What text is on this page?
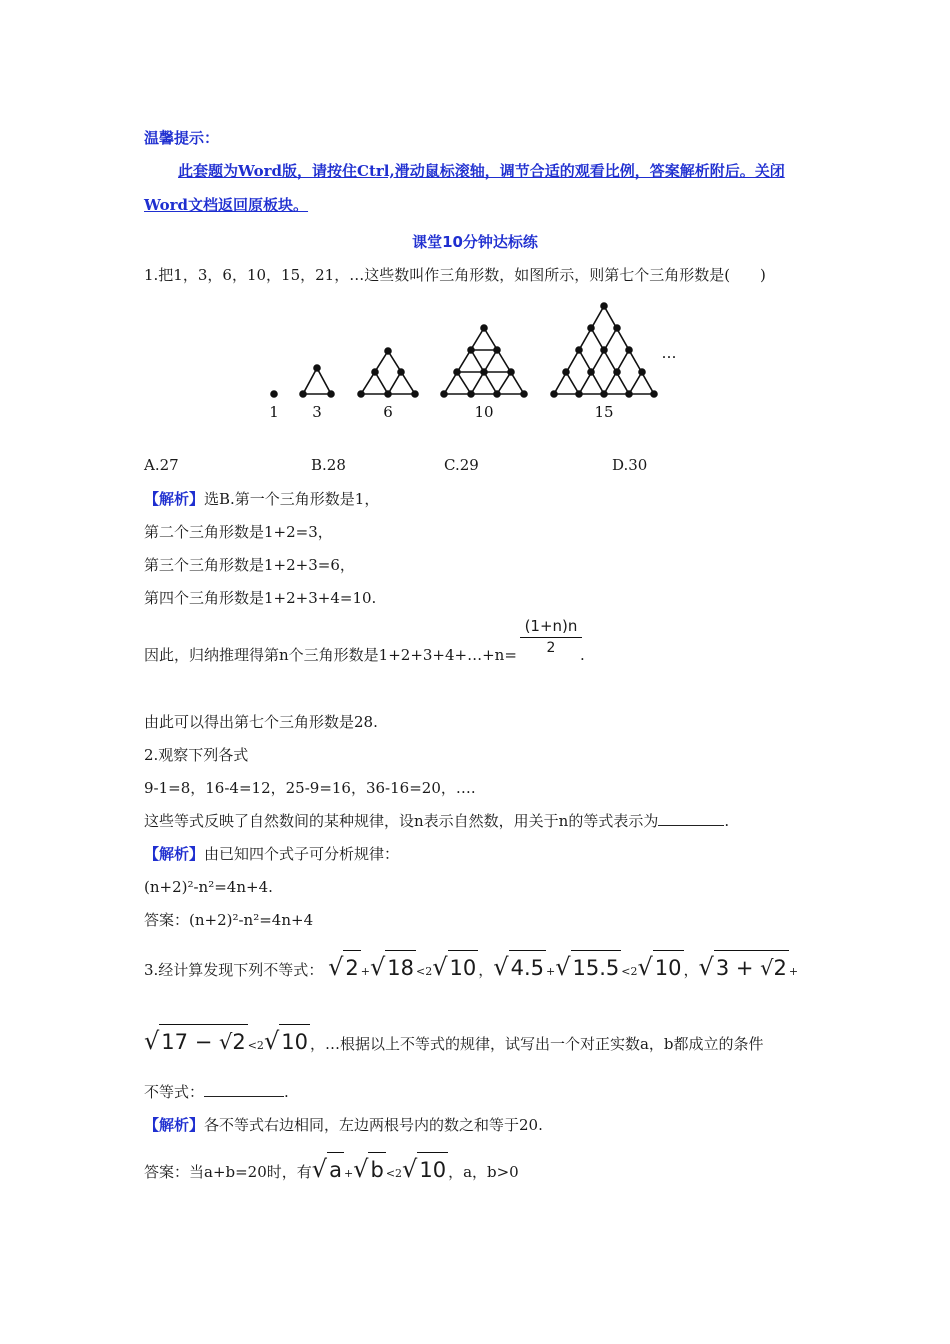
温馨提示：
此套题为Word版，请按住Ctrl,滑动鼠标滚轴，调节合适的观看比例，答案解析附后。关闭Word文档返回原板块。
课堂10分钟达标练
1.把1，3，6，10，15，21，…这些数叫作三角形数，如图所示，则第七个三角形数是(　　)
1 3	6	10	15
…
A.27	B.28	C.29	D.30
【解析】选B.第一个三角形数是1，
第二个三角形数是1+2=3，
第三个三角形数是1+2+3=6，
第四个三角形数是1+2+3+4=10.
因此，归纳推理得第n个三角形数是1+2+3+4+…+n= $\frac{(1+n)n}{2}$
.
由此可以得出第七个三角形数是28.
2.观察下列各式
9-1=8，16-4=12，25-9=16，36-16=20，….
这些等式反映了自然数间的某种规律，设n表示自然数，用关于n的等式表示为	.
【解析】由已知四个式子可分析规律：
(n+2)²-n²=4n+4.
答案：(n+2)²-n²=4n+4
3.经计算发现下列不等式： √2 +√18 <2√10 ，√4.5 +√15.5 <2√10 ，√3 + √2 +
√17 − √2 <2√10 ，…根据以上不等式的规律，试写出一个对正实数a，b都成立的条件
不等式：	.
【解析】各不等式右边相同，左边两根号内的数之和等于20.
答案：当a+b=20时，有√a +√b <2√10 ，a，b>0
